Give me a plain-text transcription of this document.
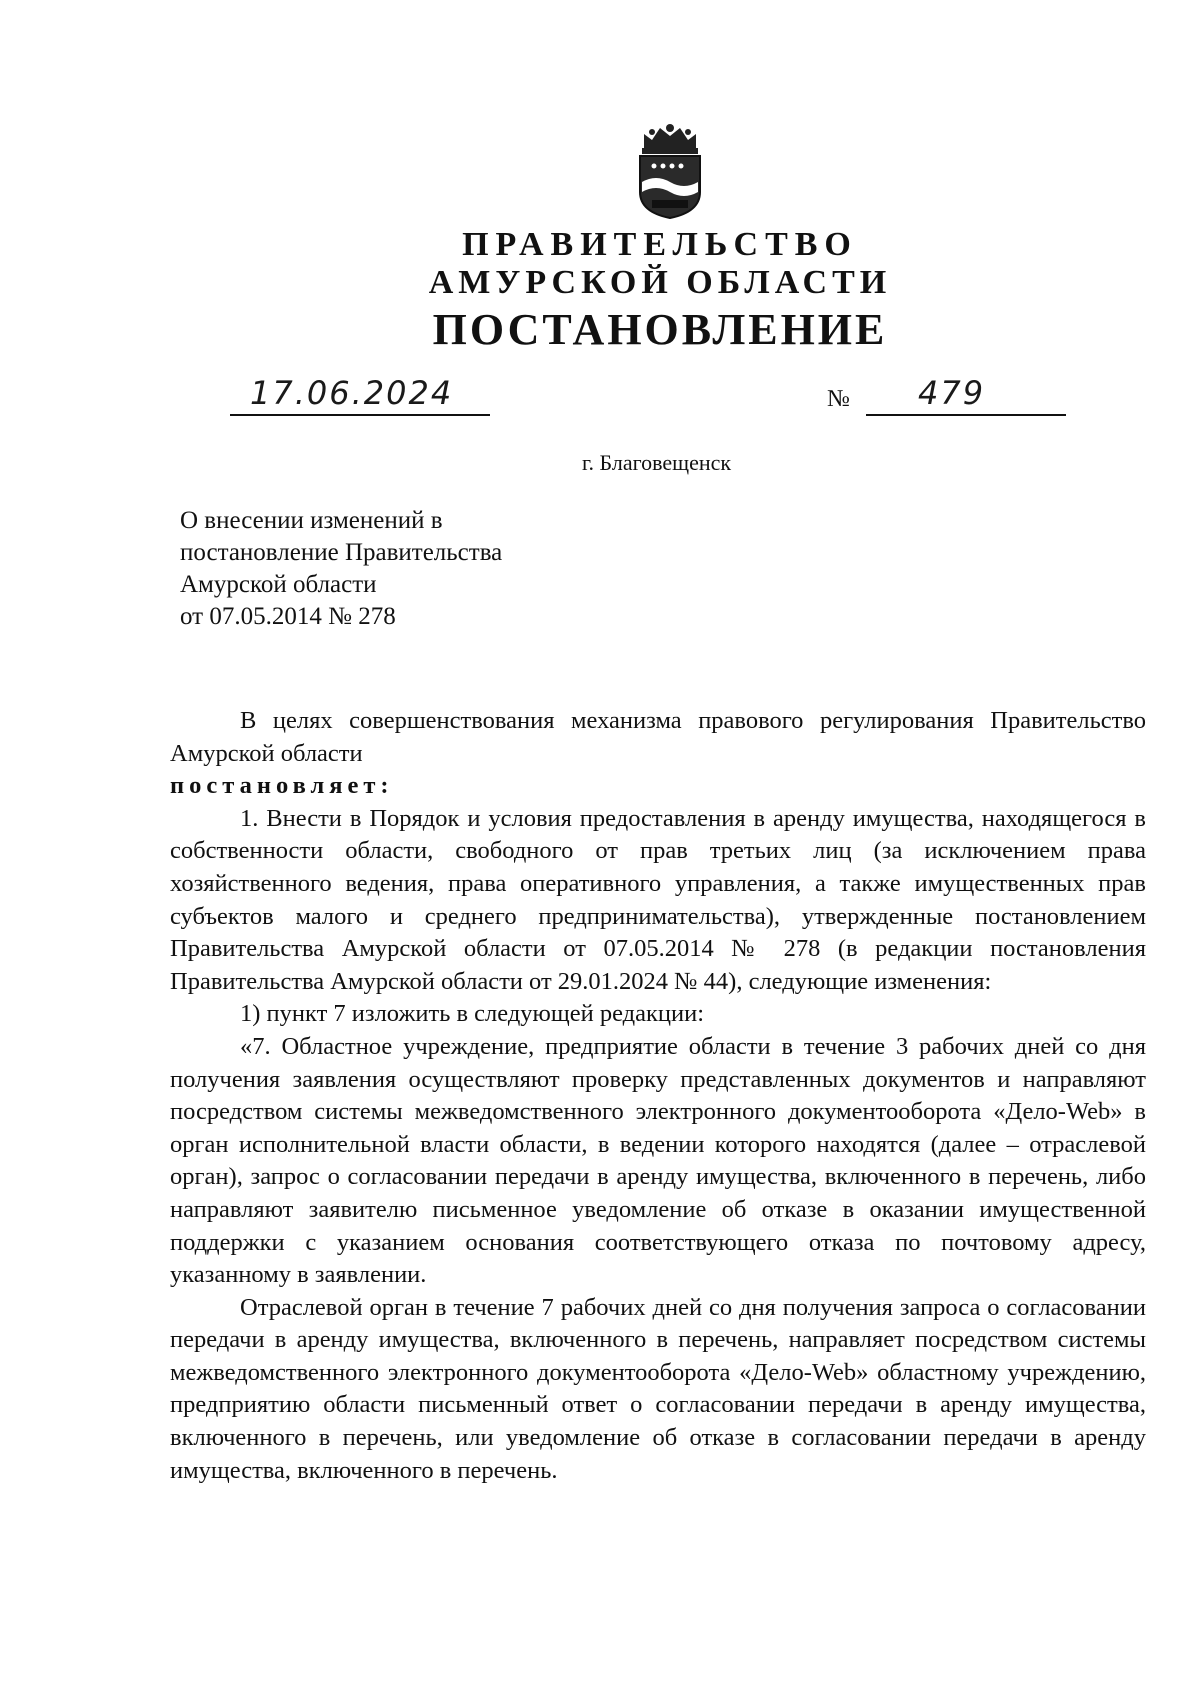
ПРАВИТЕЛЬСТВО
АМУРСКОЙ ОБЛАСТИ
ПОСТАНОВЛЕНИЕ
17.06.2024	№ 479
г. Благовещенск
О внесении изменений в
постановление Правительства
Амурской области
от 07.05.2014 № 278

В целях совершенствования механизма правового регулирования Правительство Амурской области

постановляет:

1. Внести в Порядок и условия предоставления в аренду имущества, находящегося в собственности области, свободного от прав третьих лиц (за исключением права хозяйственного ведения, права оперативного управления, а также имущественных прав субъектов малого и среднего предпринимательства), утвержденные постановлением Правительства Амурской области от 07.05.2014 № 278 (в редакции постановления Правительства Амурской области от 29.01.2024 № 44), следующие изменения:

1) пункт 7 изложить в следующей редакции:

«7. Областное учреждение, предприятие области в течение 3 рабочих дней со дня получения заявления осуществляют проверку представленных документов и направляют посредством системы межведомственного электронного документооборота «Дело-Web» в орган исполнительной власти области, в ведении которого находятся (далее – отраслевой орган), запрос о согласовании передачи в аренду имущества, включенного в перечень, либо направляют заявителю письменное уведомление об отказе в оказании имущественной поддержки с указанием основания соответствующего отказа по почтовому адресу, указанному в заявлении.

Отраслевой орган в течение 7 рабочих дней со дня получения запроса о согласовании передачи в аренду имущества, включенного в перечень, направляет посредством системы межведомственного электронного документооборота «Дело-Web» областному учреждению, предприятию области письменный ответ о согласовании передачи в аренду имущества, включенного в перечень, или уведомление об отказе в согласовании передачи в аренду имущества, включенного в перечень.
